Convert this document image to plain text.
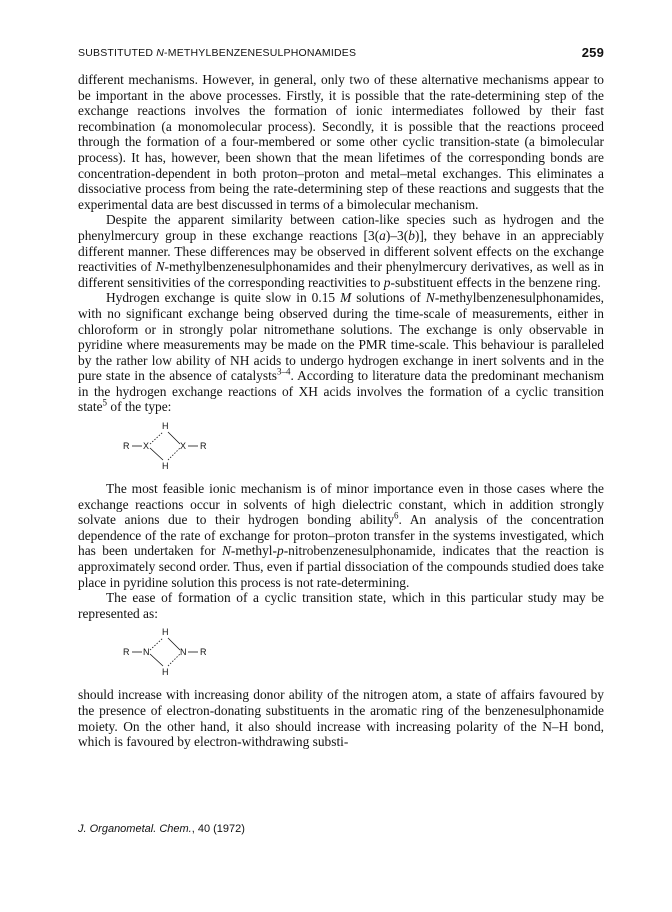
SUBSTITUTED N-METHYLBENZENESULPHONAMIDES	259

different mechanisms. However, in general, only two of these alternative mechanisms appear to be important in the above processes. Firstly, it is possible that the rate-determining step of the exchange reactions involves the formation of ionic intermediates followed by their fast recombination (a monomolecular process). Secondly, it is possible that the reactions proceed through the formation of a four-membered or some other cyclic transition-state (a bimolecular process). It has, however, been shown that the mean lifetimes of the corresponding bonds are concentration-dependent in both proton–proton and metal–metal exchanges. This eliminates a dissociative process from being the rate-determining step of these reactions and suggests that the experimental data are best discussed in terms of a bimolecular mechanism.

Despite the apparent similarity between cation-like species such as hydrogen and the phenylmercury group in these exchange reactions [3(a)–3(b)], they behave in an appreciably different manner. These differences may be observed in different solvent effects on the exchange reactivities of N-methylbenzenesulphonamides and their phenylmercury derivatives, as well as in different sensitivities of the corresponding reactivities to p-substituent effects in the benzene ring.

Hydrogen exchange is quite slow in 0.15 M solutions of N-methylbenzenesulphonamides, with no significant exchange being observed during the time-scale of measurements, either in chloroform or in strongly polar nitromethane solutions. The exchange is only observable in pyridine where measurements may be made on the PMR time-scale. This behaviour is paralleled by the rather low ability of NH acids to undergo hydrogen exchange in inert solvents and in the pure state in the absence of catalysts$^{3-4}$. According to literature data the predominant mechanism in the hydrogen exchange reactions of XH acids involves the formation of a cyclic transition state$^5$ of the type:

R X
H
H
X R

The most feasible ionic mechanism is of minor importance even in those cases where the exchange reactions occur in solvents of high dielectric constant, which in addition strongly solvate anions due to their hydrogen bonding ability$^6$. An analysis of the concentration dependence of the rate of exchange for proton–proton transfer in the systems investigated, which has been undertaken for N-methyl-p-nitrobenzenesulphonamide, indicates that the reaction is approximately second order. Thus, even if partial dissociation of the compounds studied does take place in pyridine solution this process is not rate-determining.

The ease of formation of a cyclic transition state, which in this particular study may be represented as:

R N
H
H
N R

should increase with increasing donor ability of the nitrogen atom, a state of affairs favoured by the presence of electron-donating substituents in the aromatic ring of the benzenesulphonamide moiety. On the other hand, it also should increase with increasing polarity of the N–H bond, which is favoured by electron-withdrawing substi-

J. Organometal. Chem., 40 (1972)
